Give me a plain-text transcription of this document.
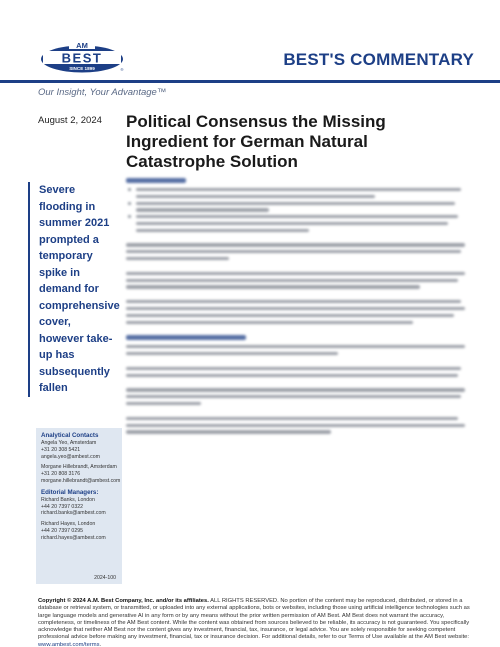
AM
BEST
SINCE 1899	®
BEST'S COMMENTARY
Our Insight, Your Advantage™
August 2, 2024 Political Consensus the Missing Ingredient for German Natural Catastrophe Solution
Severe flooding in summer 2021 prompted a temporary spike in demand for comprehensive cover, however take-up has subsequently fallen
Analytical Contacts
Angela Yeo, Amsterdam
+31 20 308 5421
angela.yeo@ambest.com
Morgane Hillebrandt, Amsterdam
+31 20 808 3176
morgane.hillebrandt@ambest.com
Editorial Managers:
Richard Banks, London
+44 20 7397 0322
richard.banks@ambest.com
Richard Hayes, London
+44 20 7397 0295
richard.hayes@ambest.com
2024-100
Copyright © 2024 A.M. Best Company, Inc. and/or its affiliates. ALL RIGHTS RESERVED. No portion of the content may be reproduced, distributed, or stored in a database or retrieval system, or transmitted, or uploaded into any external applications, bots or websites, including those using artificial intelligence technologies such as large language models and generative AI in any form or by any means without the prior written permission of AM Best. AM Best does not warrant the accuracy, completeness, or timeliness of the AM Best content. While the content was obtained from sources believed to be reliable, its accuracy is not guaranteed. You specifically acknowledge that neither AM Best nor the content gives any investment, financial, tax, insurance, or legal advice. You are solely responsible for seeking competent professional advice before making any investment, financial, tax or insurance decision. For additional details, refer to our Terms of Use available at the AM Best website: www.ambest.com/terms.
